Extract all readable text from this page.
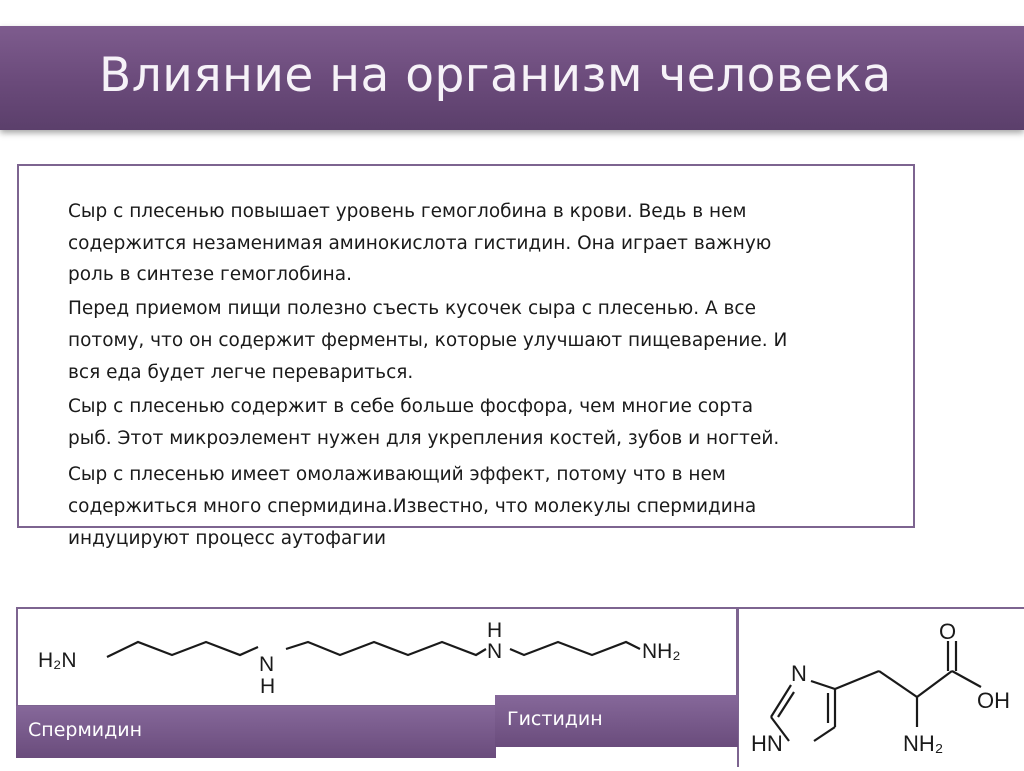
Влияние на организм человека

Сыр с плесенью повышает уровень гемоглобина в крови. Ведь в нем

содержится незаменимая аминокислота гистидин. Она играет важную

роль в синтезе гемоглобина.

Перед приемом пищи полезно съесть кусочек сыра с плесенью. А все

потому, что он содержит ферменты, которые улучшают пищеварение. И

вся еда будет легче перевариться.

Сыр с плесенью содержит в себе больше фосфора, чем многие сорта

рыб. Этот микроэлемент нужен для укрепления костей, зубов и ногтей.

Сыр с плесенью имеет омолаживающий эффект, потому что в нем

содержиться много спермидина.Известно, что молекулы спермидина

индуцируют процесс аутофагии

H₂N	N
H
H
N	NH₂
N
HN
O
OH
NH₂
Спермидин	Гистидин
